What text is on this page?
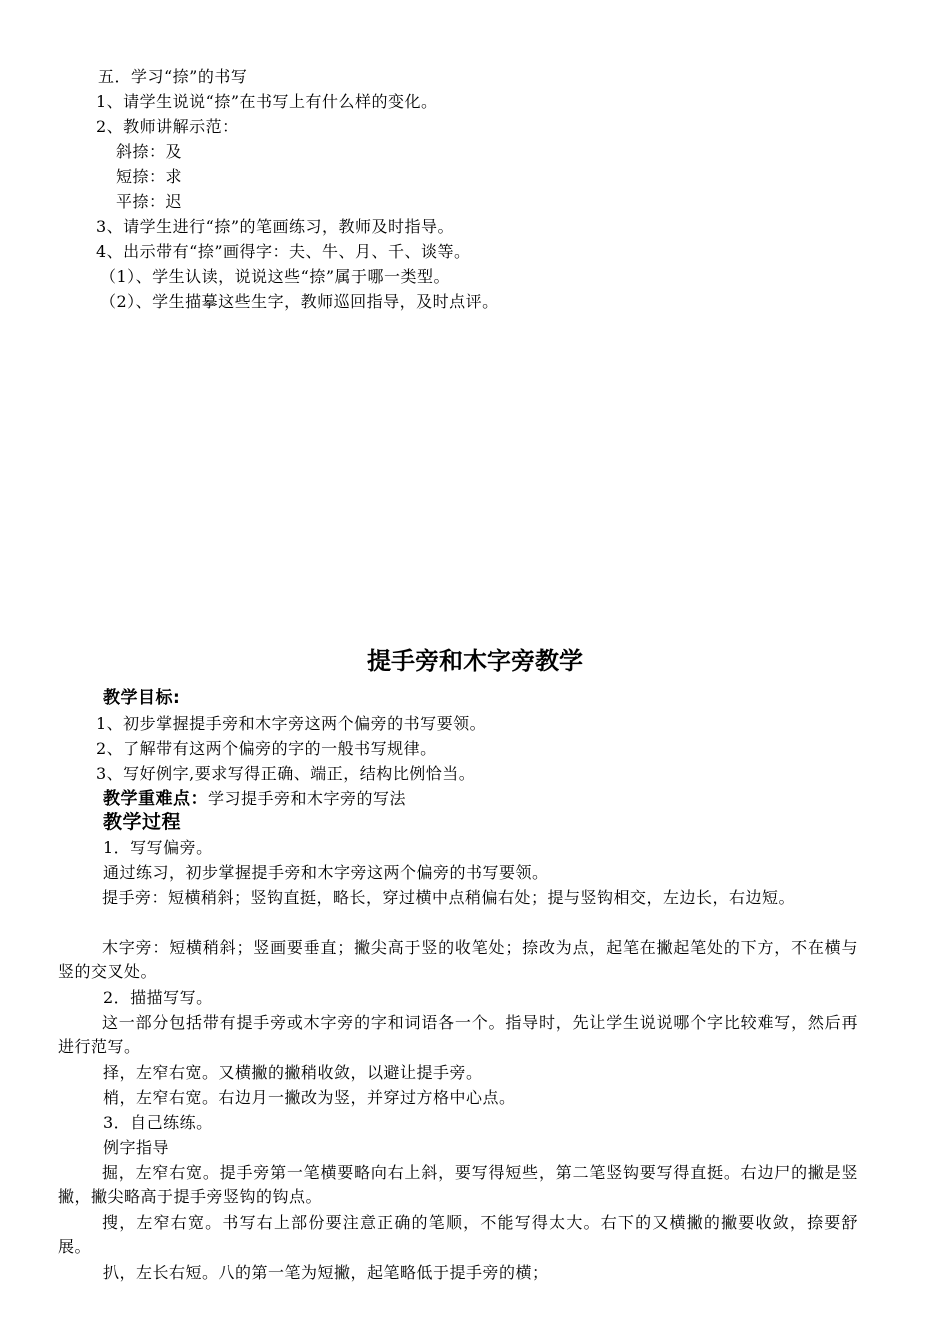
五．学习“捺”的书写
1、请学生说说“捺”在书写上有什么样的变化。
2、教师讲解示范：
斜捺：及
短捺：求
平捺：迟
3、请学生进行“捺”的笔画练习，教师及时指导。
4、出示带有“捺”画得字：夫、牛、月、千、谈等。
（1）、学生认读，说说这些“捺”属于哪一类型。
（2）、学生描摹这些生字，教师巡回指导，及时点评。
提手旁和木字旁教学
教学目标:
1、初步掌握提手旁和木字旁这两个偏旁的书写要领。
2、了解带有这两个偏旁的字的一般书写规律。
3、写好例字,要求写得正确、端正，结构比例恰当。
教学重难点：学习提手旁和木字旁的写法
教学过程
1．写写偏旁。
通过练习，初步掌握提手旁和木字旁这两个偏旁的书写要领。
提手旁：短横稍斜；竖钩直挺，略长，穿过横中点稍偏右处；提与竖钩相交，左边长，右边短。
木字旁：短横稍斜；竖画要垂直；撇尖高于竖的收笔处；捺改为点，起笔在撇起笔处的下方，不在横与竖的交叉处。
2．描描写写。
这一部分包括带有提手旁或木字旁的字和词语各一个。指导时，先让学生说说哪个字比较难写，然后再进行范写。
择，左窄右宽。又横撇的撇稍收敛，以避让提手旁。
梢，左窄右宽。右边月一撇改为竖，并穿过方格中心点。
3．自己练练。
例字指导
掘，左窄右宽。提手旁第一笔横要略向右上斜，要写得短些，第二笔竖钩要写得直挺。右边尸的撇是竖撇，撇尖略高于提手旁竖钩的钩点。
搜，左窄右宽。书写右上部份要注意正确的笔顺，不能写得太大。右下的又横撇的撇要收敛，捺要舒展。
扒，左长右短。八的第一笔为短撇，起笔略低于提手旁的横；
